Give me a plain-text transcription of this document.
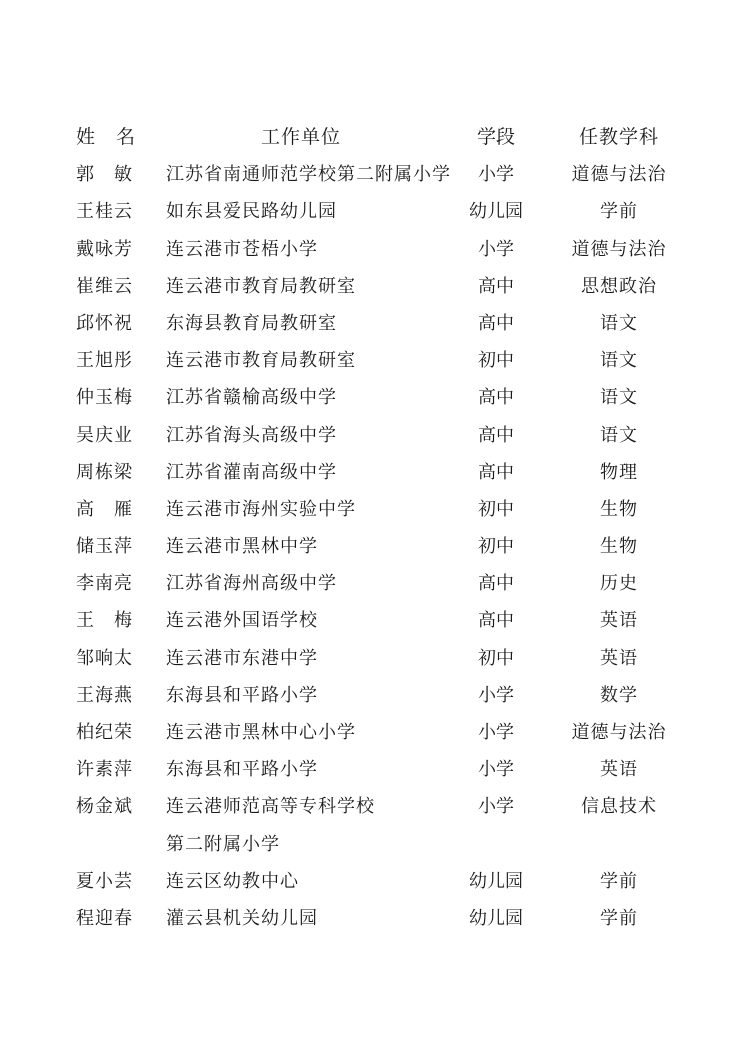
姓　名	工作单位	学段	任教学科
郭　敏	江苏省南通师范学校第二附属小学	小学	道德与法治
王桂云	如东县爱民路幼儿园	幼儿园	学前
戴咏芳	连云港市苍梧小学	小学	道德与法治
崔维云	连云港市教育局教研室	高中	思想政治
邱怀祝	东海县教育局教研室	高中	语文
王旭彤	连云港市教育局教研室	初中	语文
仲玉梅	江苏省赣榆高级中学	高中	语文
吴庆业	江苏省海头高级中学	高中	语文
周栋梁	江苏省灌南高级中学	高中	物理
高　雁	连云港市海州实验中学	初中	生物
储玉萍	连云港市黑林中学	初中	生物
李南亮	江苏省海州高级中学	高中	历史
王　梅	连云港外国语学校	高中	英语
邹响太	连云港市东港中学	初中	英语
王海燕	东海县和平路小学	小学	数学
柏纪荣	连云港市黑林中心小学	小学	道德与法治
许素萍	东海县和平路小学	小学	英语
杨金斌	连云港师范高等专科学校	小学	信息技术
第二附属小学
夏小芸	连云区幼教中心	幼儿园	学前
程迎春	灌云县机关幼儿园	幼儿园	学前
